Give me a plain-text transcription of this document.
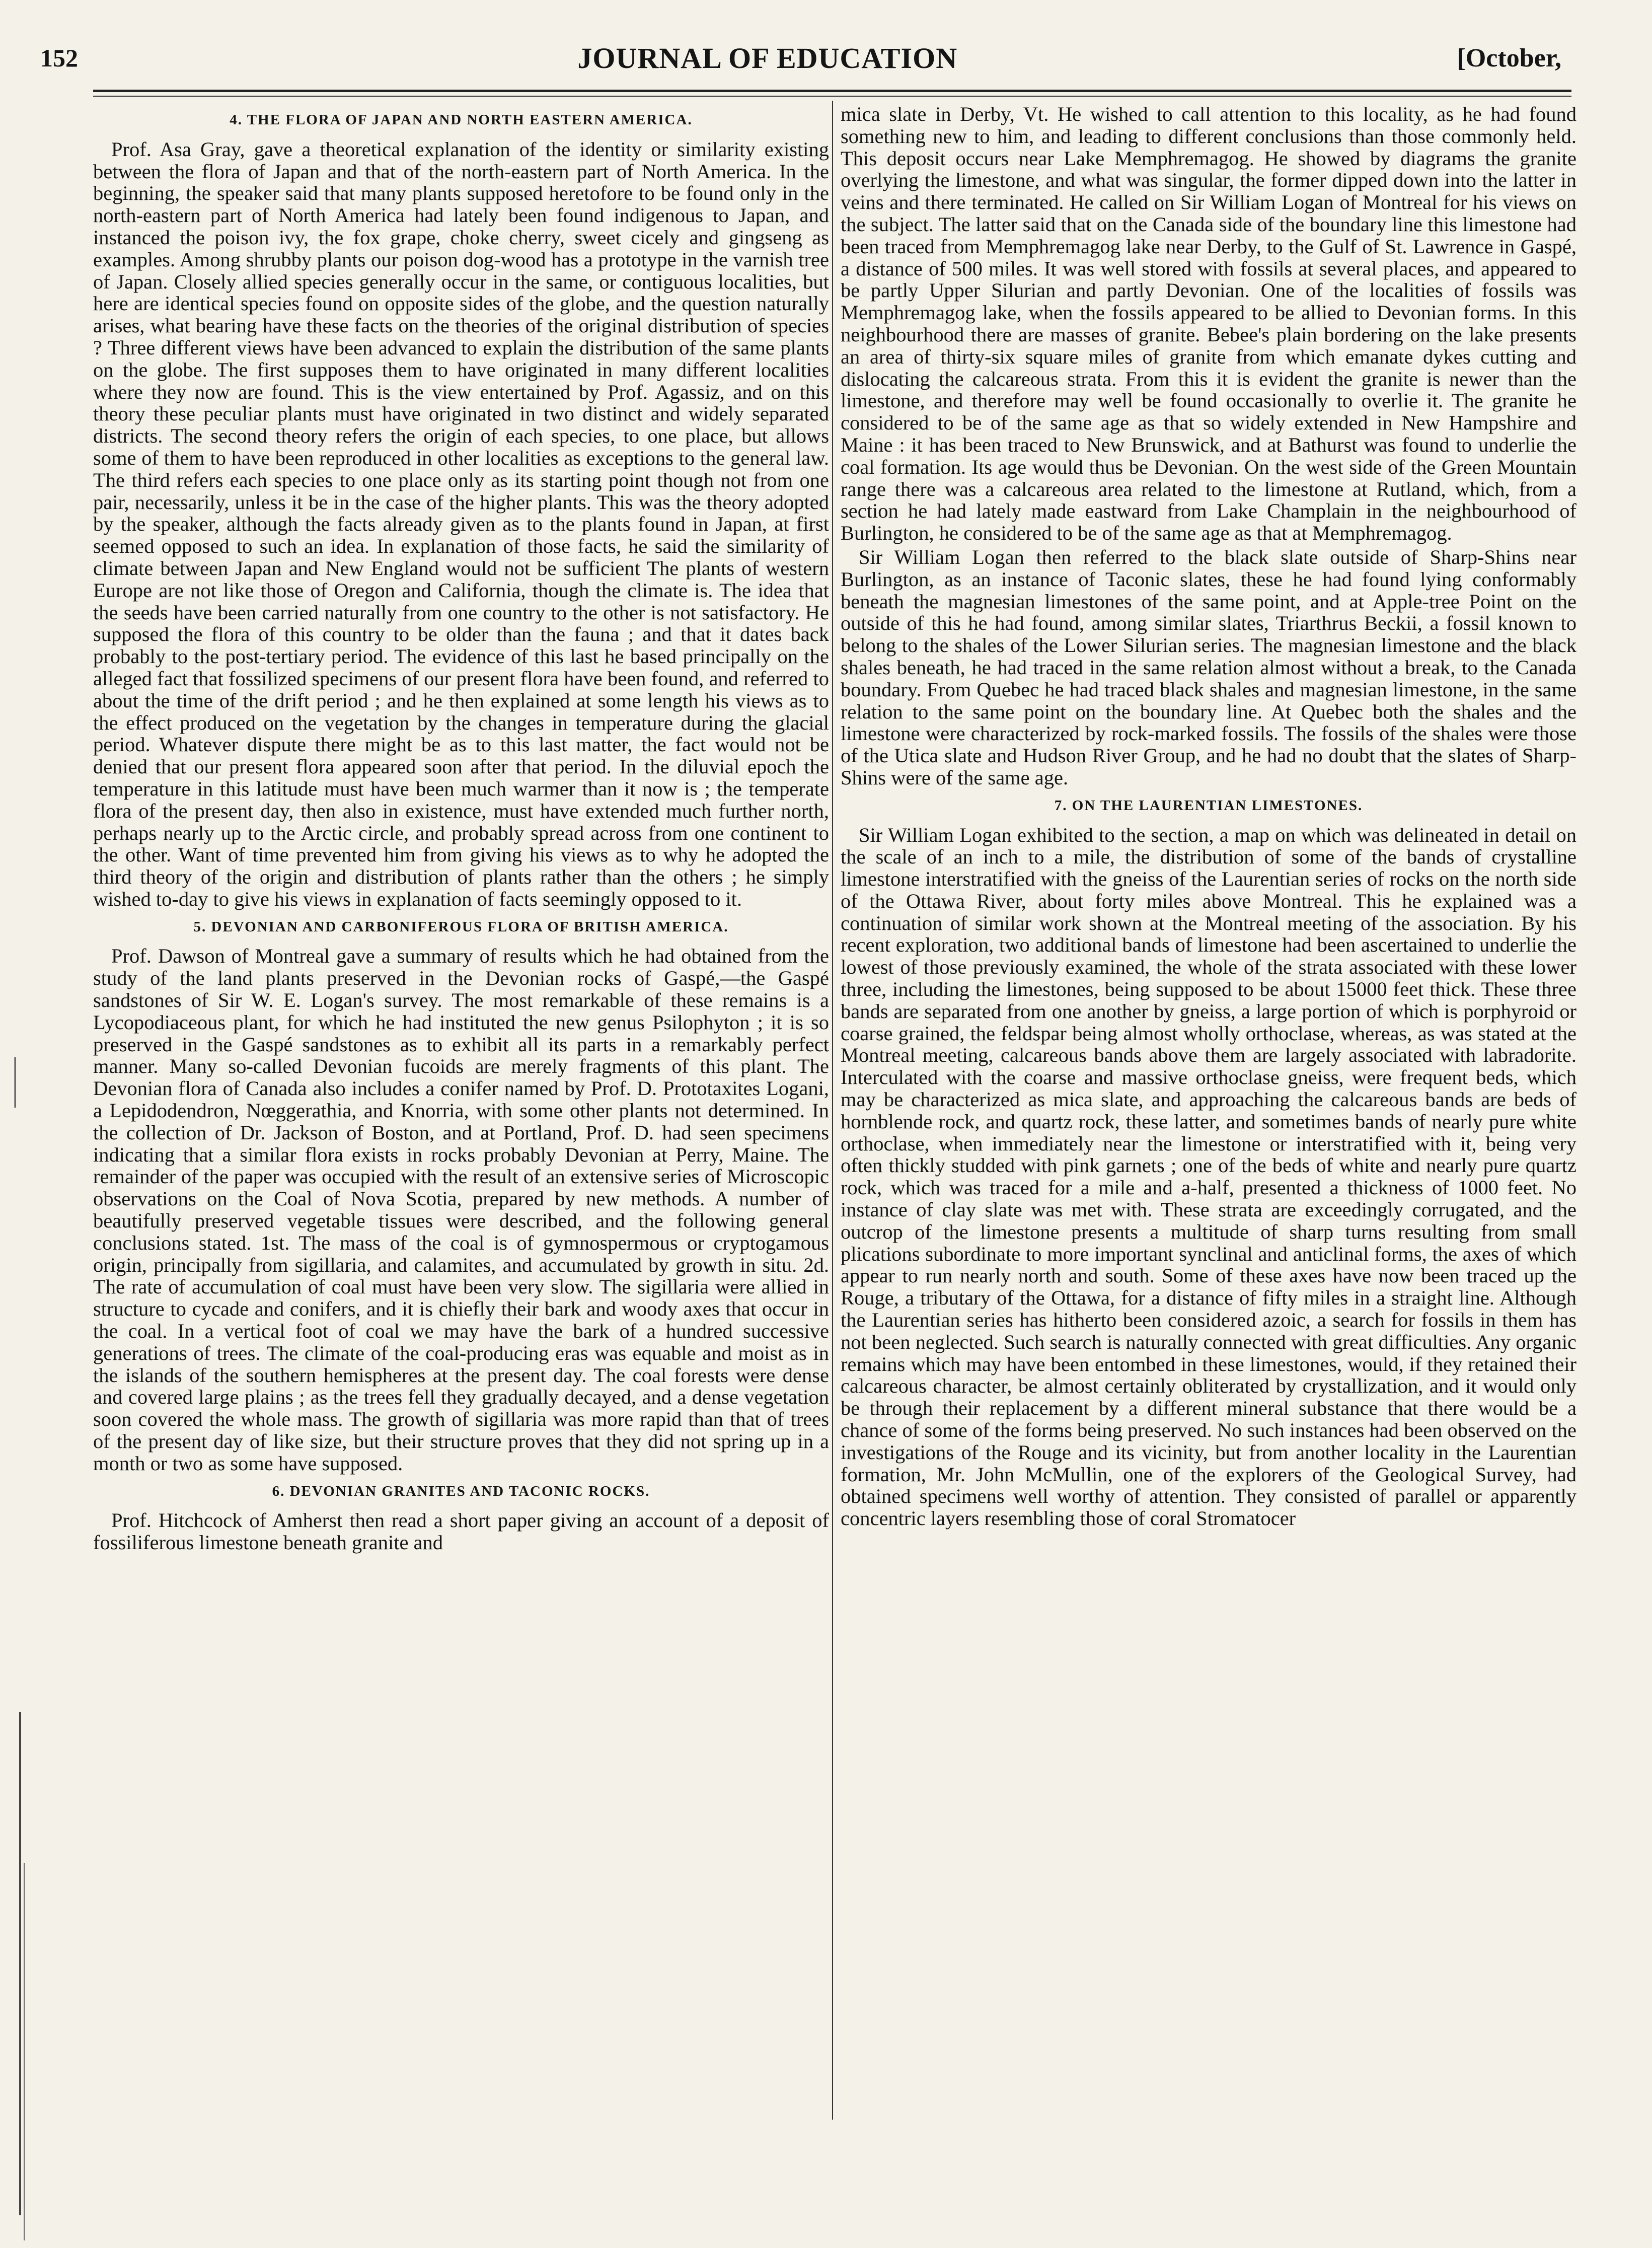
152	JOURNAL OF EDUCATION	[October,
4. THE FLORA OF JAPAN AND NORTH EASTERN AMERICA.

Prof. Asa Gray, gave a theoretical explanation of the identity or similarity existing between the flora of Japan and that of the north-eastern part of North America. In the beginning, the speaker said that many plants supposed heretofore to be found only in the north-eastern part of North America had lately been found indigenous to Japan, and instanced the poison ivy, the fox grape, choke cherry, sweet cicely and gingseng as examples. Among shrubby plants our poison dog-wood has a prototype in the varnish tree of Japan. Closely allied species generally occur in the same, or contiguous localities, but here are identical species found on opposite sides of the globe, and the question naturally arises, what bearing have these facts on the theories of the original distribution of species ? Three different views have been advanced to explain the distribution of the same plants on the globe. The first supposes them to have originated in many different localities where they now are found. This is the view entertained by Prof. Agassiz, and on this theory these peculiar plants must have originated in two distinct and widely separated districts. The second theory refers the origin of each species, to one place, but allows some of them to have been reproduced in other localities as exceptions to the general law. The third refers each species to one place only as its starting point though not from one pair, necessarily, unless it be in the case of the higher plants. This was the theory adopted by the speaker, although the facts already given as to the plants found in Japan, at first seemed opposed to such an idea. In explanation of those facts, he said the similarity of climate between Japan and New England would not be sufficient The plants of western Europe are not like those of Oregon and California, though the climate is. The idea that the seeds have been carried naturally from one country to the other is not satisfactory. He supposed the flora of this country to be older than the fauna ; and that it dates back probably to the post-tertiary period. The evidence of this last he based principally on the alleged fact that fossilized specimens of our present flora have been found, and referred to about the time of the drift period ; and he then explained at some length his views as to the effect produced on the vegetation by the changes in temperature during the glacial period. Whatever dispute there might be as to this last matter, the fact would not be denied that our present flora appeared soon after that period. In the diluvial epoch the temperature in this latitude must have been much warmer than it now is ; the temperate flora of the present day, then also in existence, must have extended much further north, perhaps nearly up to the Arctic circle, and probably spread across from one continent to the other. Want of time prevented him from giving his views as to why he adopted the third theory of the origin and distribution of plants rather than the others ; he simply wished to-day to give his views in explanation of facts seemingly opposed to it.

5. DEVONIAN AND CARBONIFEROUS FLORA OF BRITISH AMERICA.

Prof. Dawson of Montreal gave a summary of results which he had obtained from the study of the land plants preserved in the Devonian rocks of Gaspé,—the Gaspé sandstones of Sir W. E. Logan's survey. The most remarkable of these remains is a Lycopodiaceous plant, for which he had instituted the new genus Psilophyton ; it is so preserved in the Gaspé sandstones as to exhibit all its parts in a remarkably perfect manner. Many so-called Devonian fucoids are merely fragments of this plant. The Devonian flora of Canada also includes a conifer named by Prof. D. Prototaxites Logani, a Lepidodendron, Nœggerathia, and Knorria, with some other plants not determined. In the collection of Dr. Jackson of Boston, and at Portland, Prof. D. had seen specimens indicating that a similar flora exists in rocks probably Devonian at Perry, Maine. The remainder of the paper was occupied with the result of an extensive series of Microscopic observations on the Coal of Nova Scotia, prepared by new methods. A number of beautifully preserved vegetable tissues were described, and the following general conclusions stated. 1st. The mass of the coal is of gymnospermous or cryptogamous origin, principally from sigillaria, and calamites, and accumulated by growth in situ. 2d. The rate of accumulation of coal must have been very slow. The sigillaria were allied in structure to cycade and conifers, and it is chiefly their bark and woody axes that occur in the coal. In a vertical foot of coal we may have the bark of a hundred successive generations of trees. The climate of the coal-producing eras was equable and moist as in the islands of the southern hemispheres at the present day. The coal forests were dense and covered large plains ; as the trees fell they gradually decayed, and a dense vegetation soon covered the whole mass. The growth of sigillaria was more rapid than that of trees of the present day of like size, but their structure proves that they did not spring up in a month or two as some have supposed.

6. DEVONIAN GRANITES AND TACONIC ROCKS.

Prof. Hitchcock of Amherst then read a short paper giving an account of a deposit of fossiliferous limestone beneath granite and

mica slate in Derby, Vt. He wished to call attention to this locality, as he had found something new to him, and leading to different conclusions than those commonly held. This deposit occurs near Lake Memphremagog. He showed by diagrams the granite overlying the limestone, and what was singular, the former dipped down into the latter in veins and there terminated. He called on Sir William Logan of Montreal for his views on the subject. The latter said that on the Canada side of the boundary line this limestone had been traced from Memphremagog lake near Derby, to the Gulf of St. Lawrence in Gaspé, a distance of 500 miles. It was well stored with fossils at several places, and appeared to be partly Upper Silurian and partly Devonian. One of the localities of fossils was Memphremagog lake, when the fossils appeared to be allied to Devonian forms. In this neighbourhood there are masses of granite. Bebee's plain bordering on the lake presents an area of thirty-six square miles of granite from which emanate dykes cutting and dislocating the calcareous strata. From this it is evident the granite is newer than the limestone, and therefore may well be found occasionally to overlie it. The granite he considered to be of the same age as that so widely extended in New Hampshire and Maine : it has been traced to New Brunswick, and at Bathurst was found to underlie the coal formation. Its age would thus be Devonian. On the west side of the Green Mountain range there was a calcareous area related to the limestone at Rutland, which, from a section he had lately made eastward from Lake Champlain in the neighbourhood of Burlington, he considered to be of the same age as that at Memphremagog.

Sir William Logan then referred to the black slate outside of Sharp-Shins near Burlington, as an instance of Taconic slates, these he had found lying conformably beneath the magnesian limestones of the same point, and at Apple-tree Point on the outside of this he had found, among similar slates, Triarthrus Beckii, a fossil known to belong to the shales of the Lower Silurian series. The magnesian limestone and the black shales beneath, he had traced in the same relation almost without a break, to the Canada boundary. From Quebec he had traced black shales and magnesian limestone, in the same relation to the same point on the boundary line. At Quebec both the shales and the limestone were characterized by rock-marked fossils. The fossils of the shales were those of the Utica slate and Hudson River Group, and he had no doubt that the slates of Sharp-Shins were of the same age.

7. ON THE LAURENTIAN LIMESTONES.

Sir William Logan exhibited to the section, a map on which was delineated in detail on the scale of an inch to a mile, the distribution of some of the bands of crystalline limestone interstratified with the gneiss of the Laurentian series of rocks on the north side of the Ottawa River, about forty miles above Montreal. This he explained was a continuation of similar work shown at the Montreal meeting of the association. By his recent exploration, two additional bands of limestone had been ascertained to underlie the lowest of those previously examined, the whole of the strata associated with these lower three, including the limestones, being supposed to be about 15000 feet thick. These three bands are separated from one another by gneiss, a large portion of which is porphyroid or coarse grained, the feldspar being almost wholly orthoclase, whereas, as was stated at the Montreal meeting, calcareous bands above them are largely associated with labradorite. Interculated with the coarse and massive orthoclase gneiss, were frequent beds, which may be characterized as mica slate, and approaching the calcareous bands are beds of hornblende rock, and quartz rock, these latter, and sometimes bands of nearly pure white orthoclase, when immediately near the limestone or interstratified with it, being very often thickly studded with pink garnets ; one of the beds of white and nearly pure quartz rock, which was traced for a mile and a-half, presented a thickness of 1000 feet. No instance of clay slate was met with. These strata are exceedingly corrugated, and the outcrop of the limestone presents a multitude of sharp turns resulting from small plications subordinate to more important synclinal and anticlinal forms, the axes of which appear to run nearly north and south. Some of these axes have now been traced up the Rouge, a tributary of the Ottawa, for a distance of fifty miles in a straight line. Although the Laurentian series has hitherto been considered azoic, a search for fossils in them has not been neglected. Such search is naturally connected with great difficulties. Any organic remains which may have been entombed in these limestones, would, if they retained their calcareous character, be almost certainly obliterated by crystallization, and it would only be through their replacement by a different mineral substance that there would be a chance of some of the forms being preserved. No such instances had been observed on the investigations of the Rouge and its vicinity, but from another locality in the Laurentian formation, Mr. John McMullin, one of the explorers of the Geological Survey, had obtained specimens well worthy of attention. They consisted of parallel or apparently concentric layers resembling those of coral Stromatocer
